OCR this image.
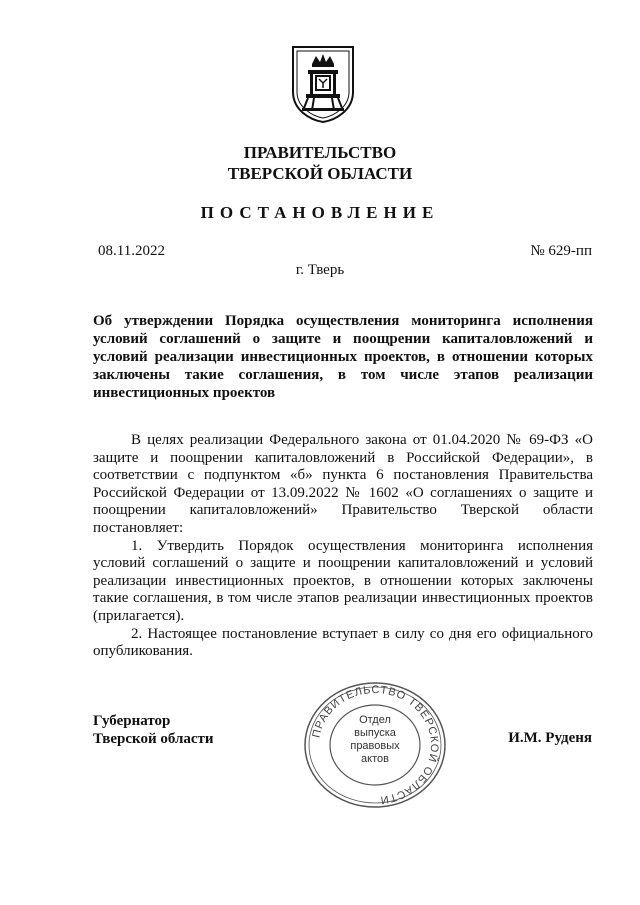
ПРАВИТЕЛЬСТВО
ТВЕРСКОЙ ОБЛАСТИ
ПОСТАНОВЛЕНИЕ
08.11.2022	№ 629-пп
г. Тверь
Об утверждении Порядка осуществления мониторинга исполнения условий соглашений о защите и поощрении капиталовложений и условий реализации инвестиционных проектов, в отношении которых заключены такие соглашения, в том числе этапов реализации инвестиционных проектов

В целях реализации Федерального закона от 01.04.2020 № 69-ФЗ «О защите и поощрении капиталовложений в Российской Федерации», в соответствии с подпунктом «б» пункта 6 постановления Правительства Российской Федерации от 13.09.2022 № 1602 «О соглашениях о защите и поощрении капиталовложений» Правительство Тверской области постановляет:

1. Утвердить Порядок осуществления мониторинга исполнения условий соглашений о защите и поощрении капиталовложений и условий реализации инвестиционных проектов, в отношении которых заключены такие соглашения, в том числе этапов реализации инвестиционных проектов (прилагается).

2. Настоящее постановление вступает в силу со дня его официального опубликования.

Губернатор
Тверской области	И.М. Руденя
ПРАВИТЕЛЬСТВО ТВЕРСКОЙ ОБЛАСТИ
Отдел
выпуска
правовых
актов
